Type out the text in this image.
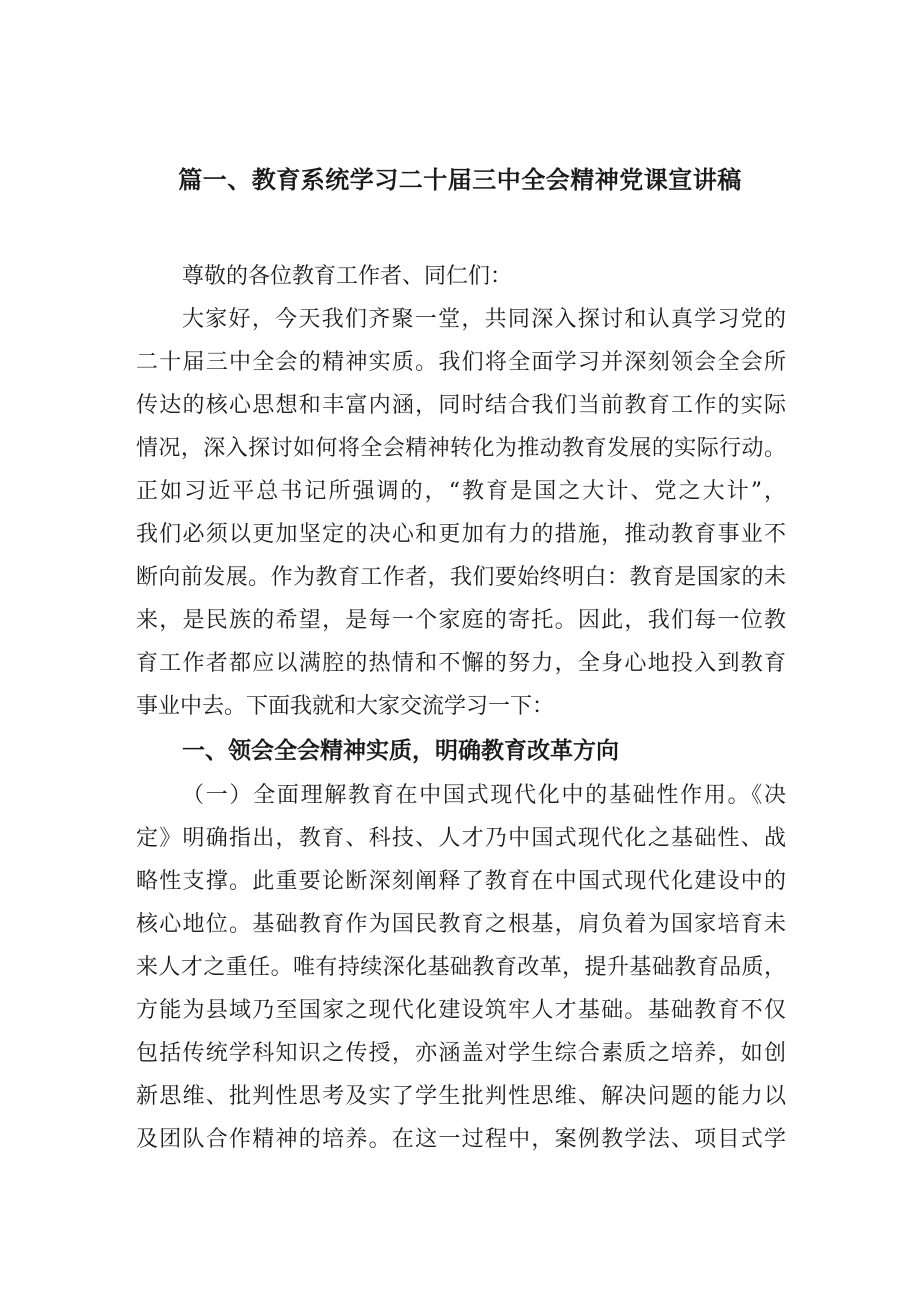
篇一、教育系统学习二十届三中全会精神党课宣讲稿
尊敬的各位教育工作者、同仁们：
大家好，今天我们齐聚一堂，共同深入探讨和认真学习党的
二十届三中全会的精神实质。我们将全面学习并深刻领会全会所
传达的核心思想和丰富内涵，同时结合我们当前教育工作的实际
情况，深入探讨如何将全会精神转化为推动教育发展的实际行动。
正如习近平总书记所强调的，“教育是国之大计、党之大计”，
我们必须以更加坚定的决心和更加有力的措施，推动教育事业不
断向前发展。作为教育工作者，我们要始终明白：教育是国家的未
来，是民族的希望，是每一个家庭的寄托。因此，我们每一位教
育工作者都应以满腔的热情和不懈的努力，全身心地投入到教育
事业中去。下面我就和大家交流学习一下：
一、领会全会精神实质，明确教育改革方向
（一）全面理解教育在中国式现代化中的基础性作用。《决
定》明确指出，教育、科技、人才乃中国式现代化之基础性、战
略性支撑。此重要论断深刻阐释了教育在中国式现代化建设中的
核心地位。基础教育作为国民教育之根基，肩负着为国家培育未
来人才之重任。唯有持续深化基础教育改革，提升基础教育品质，
方能为县域乃至国家之现代化建设筑牢人才基础。基础教育不仅
包括传统学科知识之传授，亦涵盖对学生综合素质之培养，如创
新思维、批判性思考及实了学生批判性思维、解决问题的能力以
及团队合作精神的培养。在这一过程中，案例教学法、项目式学
